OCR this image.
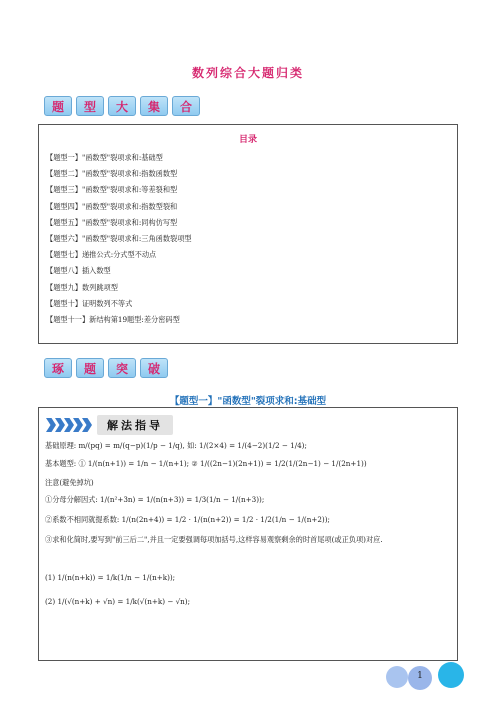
数列综合大题归类
题	型	大	集	合
目录
【题型一】"函数型"裂项求和:基础型
【题型二】"函数型"裂项求和:指数函数型
【题型三】"函数型"裂项求和:等差裂和型
【题型四】"函数型"裂项求和:指数型裂和
【题型五】"函数型"裂项求和:同构仿写型
【题型六】"函数型"裂项求和:三角函数裂项型
【题型七】递推公式:分式型不动点
【题型八】插入数型
【题型九】数列跳项型
【题型十】证明数列不等式
【题型十一】新结构第19题型:差分密码型
琢	题	突	破
【题型一】"函数型"裂项求和:基础型
解法指导
基础原理: m/(pq) = m/(q−p)(1/p − 1/q), 如: 1/(2×4) = 1/(4−2)(1/2 − 1/4);
基本题型: ① 1/(n(n+1)) = 1/n − 1/(n+1); ② 1/((2n−1)(2n+1)) = 1/2(1/(2n−1) − 1/(2n+1))
注意(避免掉坑)
①分母分解因式: 1/(n²+3n) = 1/(n(n+3)) = 1/3(1/n − 1/(n+3));
②系数不相同就提系数: 1/(n(2n+4)) = 1/2 · 1/(n(n+2)) = 1/2 · 1/2(1/n − 1/(n+2));
③求和化简时,要写到"前三后二",并且一定要强调每项加括号,这样容易观察剩余的时首尾项(或正负项)对应.
(1) 1/(n(n+k)) = 1/k(1/n − 1/(n+k));
(2) 1/(√(n+k) + √n) = 1/k(√(n+k) − √n);
1
